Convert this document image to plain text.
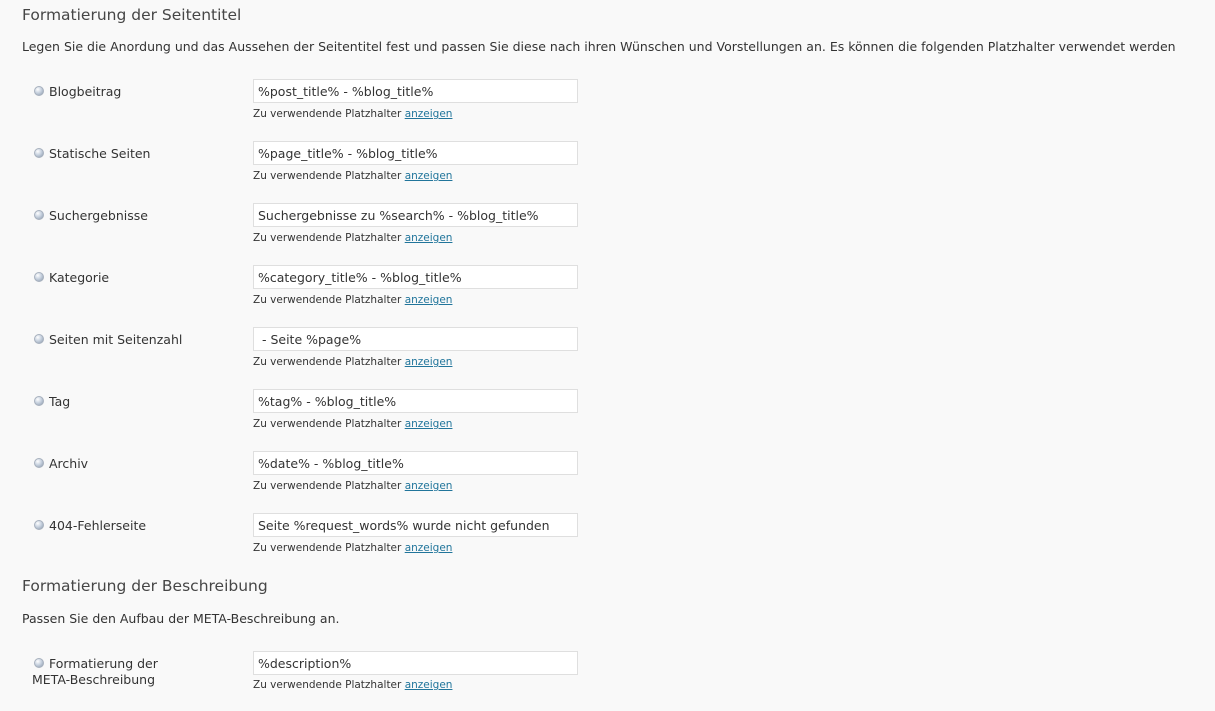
Formatierung der Seitentitel

Legen Sie die Anordung und das Aussehen der Seitentitel fest und passen Sie diese nach ihren Wünschen und Vorstellungen an. Es können die folgenden Platzhalter verwendet werden

Blogbeitrag
%post_title% - %blog_title%
Zu verwendende Platzhalter anzeigen
Statische Seiten
%page_title% - %blog_title%
Zu verwendende Platzhalter anzeigen
Suchergebnisse
Suchergebnisse zu %search% - %blog_title%
Zu verwendende Platzhalter anzeigen
Kategorie
%category_title% - %blog_title%
Zu verwendende Platzhalter anzeigen
Seiten mit Seitenzahl
- Seite %page%
Zu verwendende Platzhalter anzeigen
Tag
%tag% - %blog_title%
Zu verwendende Platzhalter anzeigen
Archiv
%date% - %blog_title%
Zu verwendende Platzhalter anzeigen
404-Fehlerseite
Seite %request_words% wurde nicht gefunden
Zu verwendende Platzhalter anzeigen
Formatierung der Beschreibung

Passen Sie den Aufbau der META-Beschreibung an.

Formatierung der
META-Beschreibung
%description%	Zu verwendende Platzhalter anzeigen
